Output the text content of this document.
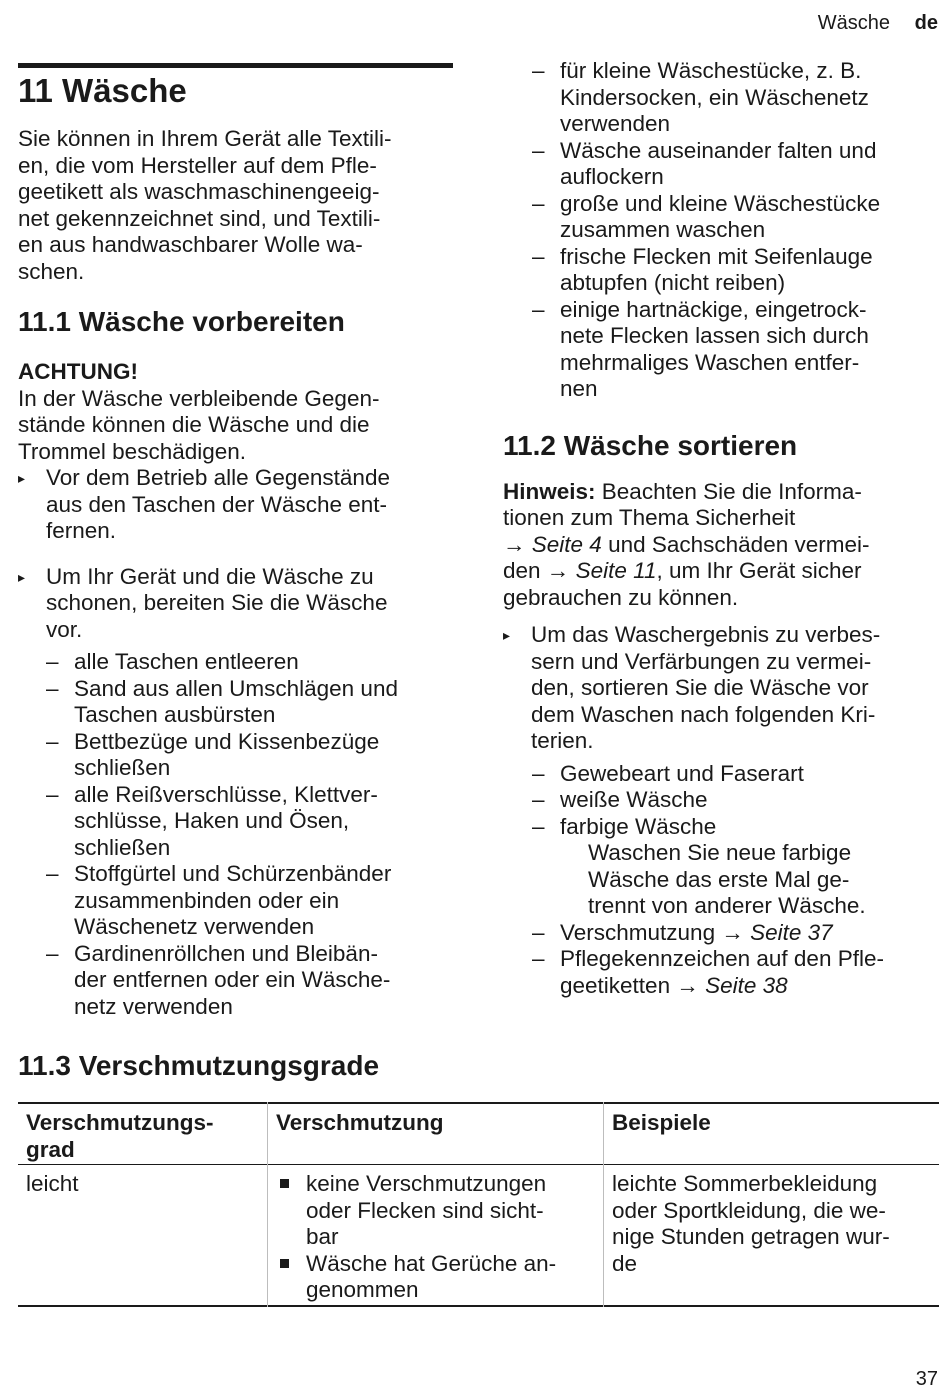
Wäsche de
11 Wäsche
Sie können in Ihrem Gerät alle Textili-
en, die vom Hersteller auf dem Pfle-
geetikett als waschmaschinengeeig-
net gekennzeichnet sind, und Textili-
en aus handwaschbarer Wolle wa-
schen.
11.1 Wäsche vorbereiten
ACHTUNG!
In der Wäsche verbleibende Gegen-
stände können die Wäsche und die
Trommel beschädigen.
▸ Vor dem Betrieb alle Gegenstände
aus den Taschen der Wäsche ent-
fernen.
▸ Um Ihr Gerät und die Wäsche zu
schonen, bereiten Sie die Wäsche
vor.
– alle Taschen entleeren
– Sand aus allen Umschlägen und
Taschen ausbürsten
– Bettbezüge und Kissenbezüge
schließen
– alle Reißverschlüsse, Klettver-
schlüsse, Haken und Ösen,
schließen
– Stoffgürtel und Schürzenbänder
zusammenbinden oder ein
Wäschenetz verwenden
– Gardinenröllchen und Bleibän-
der entfernen oder ein Wäsche-
netz verwenden
– für kleine Wäschestücke, z. B.
Kindersocken, ein Wäschenetz
verwenden
– Wäsche auseinander falten und
auflockern
– große und kleine Wäschestücke
zusammen waschen
– frische Flecken mit Seifenlauge
abtupfen (nicht reiben)
– einige hartnäckige, eingetrock-
nete Flecken lassen sich durch
mehrmaliges Waschen entfer-
nen
11.2 Wäsche sortieren
Hinweis: Beachten Sie die Informa-
tionen zum Thema Sicherheit
→ Seite 4 und Sachschäden vermei-
den → Seite 11, um Ihr Gerät sicher
gebrauchen zu können.
▸ Um das Waschergebnis zu verbes-
sern und Verfärbungen zu vermei-
den, sortieren Sie die Wäsche vor
dem Waschen nach folgenden Kri-
terien.
– Gewebeart und Faserart
– weiße Wäsche
– farbige Wäsche
Waschen Sie neue farbige
Wäsche das erste Mal ge-
trennt von anderer Wäsche.
– Verschmutzung → Seite 37
– Pflegekennzeichen auf den Pfle-
geetiketten → Seite 38
11.3 Verschmutzungsgrade
Verschmutzungs-
grad
Verschmutzung	Beispiele
leicht	keine Verschmutzungen
oder Flecken sind sicht-
bar
Wäsche hat Gerüche an-
genommen
leichte Sommerbekleidung
oder Sportkleidung, die we-
nige Stunden getragen wur-
de
37
